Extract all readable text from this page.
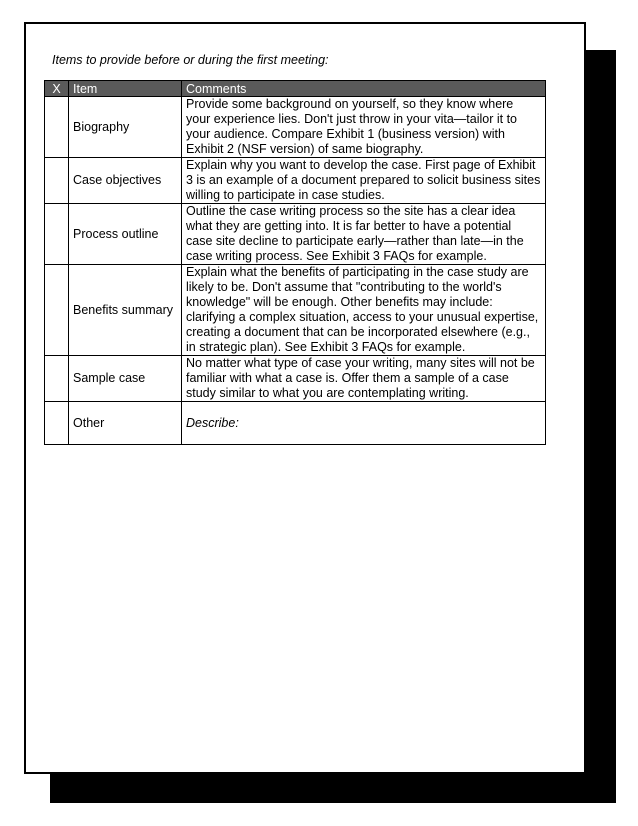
Items to provide before or during the first meeting:

X	Item	Comments
	Biography	Provide some background on yourself, so they know where your experience lies. Don't just throw in your vita—tailor it to your audience. Compare Exhibit 1 (business version) with Exhibit 2 (NSF version) of same biography.
	Case objectives	Explain why you want to develop the case. First page of Exhibit 3 is an example of a document prepared to solicit business sites willing to participate in case studies.
	Process outline	Outline the case writing process so the site has a clear idea what they are getting into. It is far better to have a potential case site decline to participate early—rather than late—in the case writing process. See Exhibit 3 FAQs for example.
	Benefits summary	Explain what the benefits of participating in the case study are likely to be. Don't assume that "contributing to the world's knowledge" will be enough. Other benefits may include: clarifying a complex situation, access to your unusual expertise, creating a document that can be incorporated elsewhere (e.g., in strategic plan). See Exhibit 3 FAQs for example.
	Sample case	No matter what type of case your writing, many sites will not be familiar with what a case is. Offer them a sample of a case study similar to what you are contemplating writing.
	Other	Describe:
